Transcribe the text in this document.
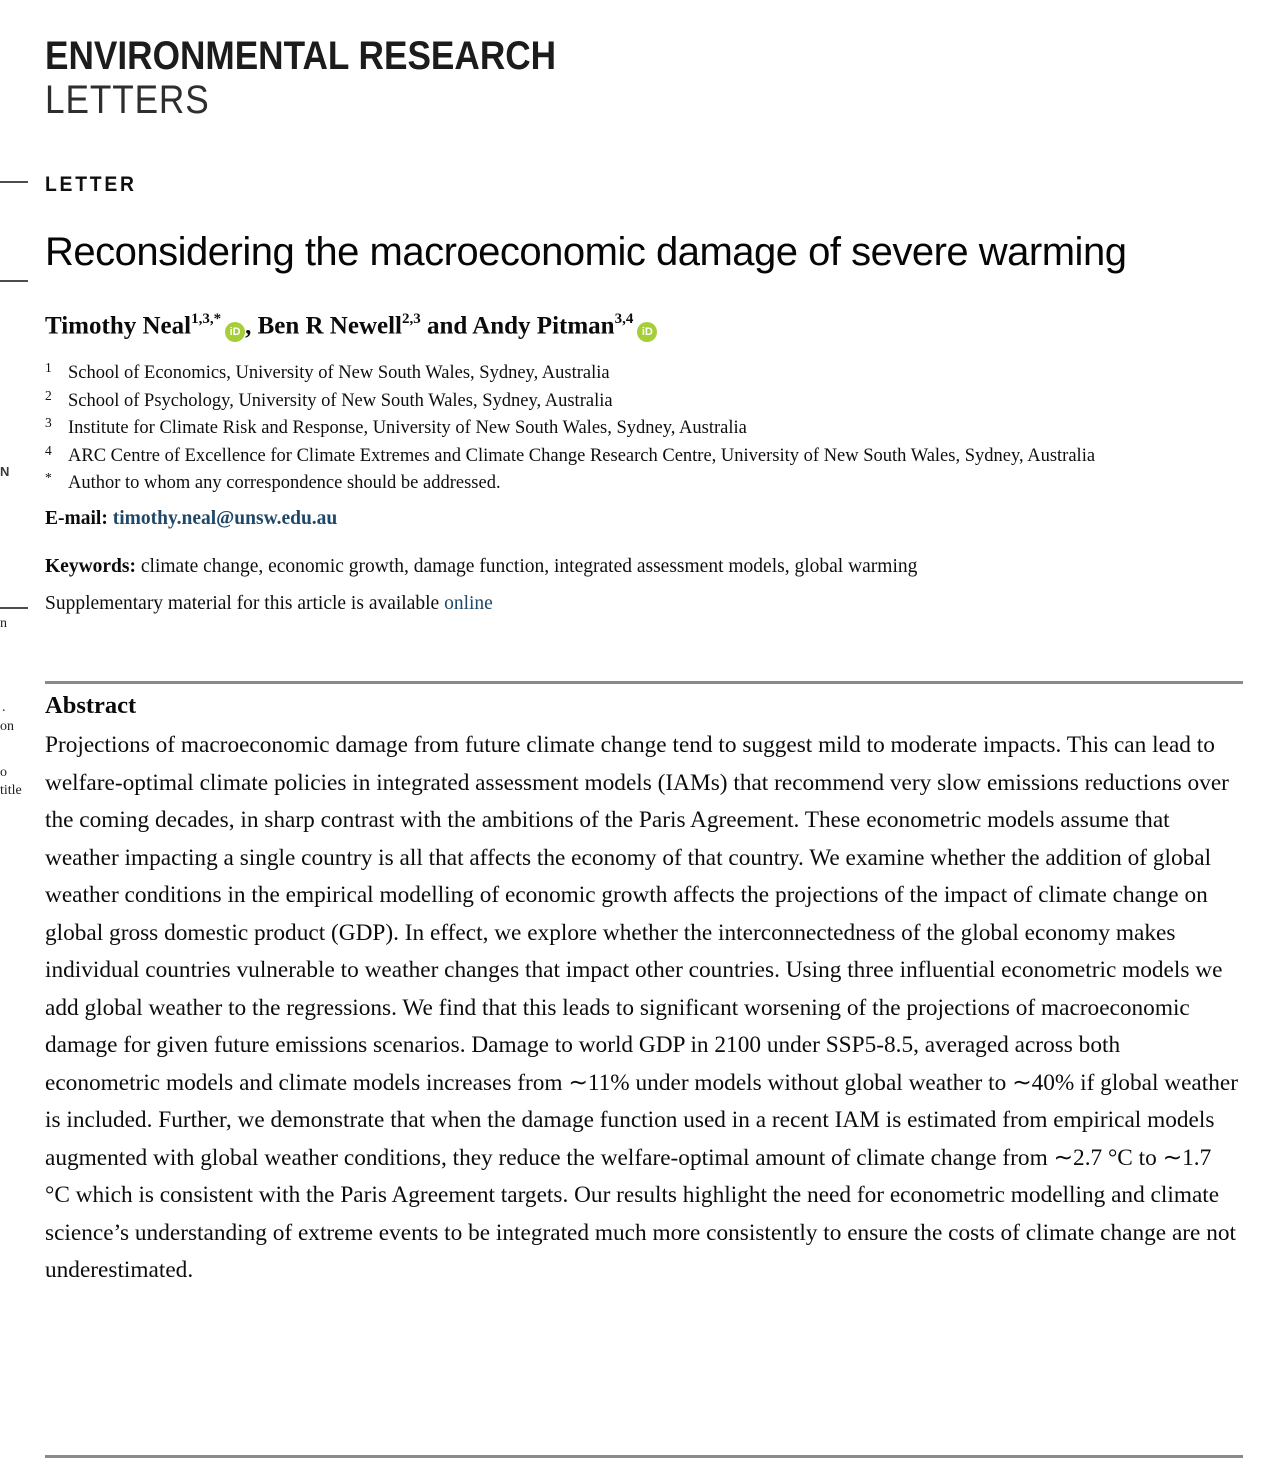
ENVIRONMENTAL RESEARCH
LETTERS
LETTER
Reconsidering the macroeconomic damage of severe warming
Timothy Neal$^{1,3,*}$iD , Ben R Newell$^{2,3}$ and Andy Pitman$^{3,4}$iD
1 School of Economics, University of New South Wales, Sydney, Australia
2 School of Psychology, University of New South Wales, Sydney, Australia
3 Institute for Climate Risk and Response, University of New South Wales, Sydney, Australia
4 ARC Centre of Excellence for Climate Extremes and Climate Change Research Centre, University of New South Wales, Sydney, Australia
* Author to whom any correspondence should be addressed.
E-mail: timothy.neal@unsw.edu.au
Keywords: climate change, economic growth, damage function, integrated assessment models, global warming
Supplementary material for this article is available online
Abstract
Projections of macroeconomic damage from future climate change tend to suggest mild to moderate impacts. This can lead to welfare-optimal climate policies in integrated assessment models (IAMs) that recommend very slow emissions reductions over the coming decades, in sharp contrast with the ambitions of the Paris Agreement. These econometric models assume that weather impacting a single country is all that affects the economy of that country. We examine whether the addition of global weather conditions in the empirical modelling of economic growth affects the projections of the impact of climate change on global gross domestic product (GDP). In effect, we explore whether the interconnectedness of the global economy makes individual countries vulnerable to weather changes that impact other countries. Using three influential econometric models we add global weather to the regressions. We find that this leads to significant worsening of the projections of macroeconomic damage for given future emissions scenarios. Damage to world GDP in 2100 under SSP5-8.5, averaged across both econometric models and climate models increases from ∼11% under models without global weather to ∼40% if global weather is included. Further, we demonstrate that when the damage function used in a recent IAM is estimated from empirical models augmented with global weather conditions, they reduce the welfare-optimal amount of climate change from ∼2.7 °C to ∼1.7 °C which is consistent with the Paris Agreement targets. Our results highlight the need for econometric modelling and climate science’s understanding of extreme events to be integrated much more consistently to ensure the costs of climate change are not underestimated.
N
n
.
on
o
title
